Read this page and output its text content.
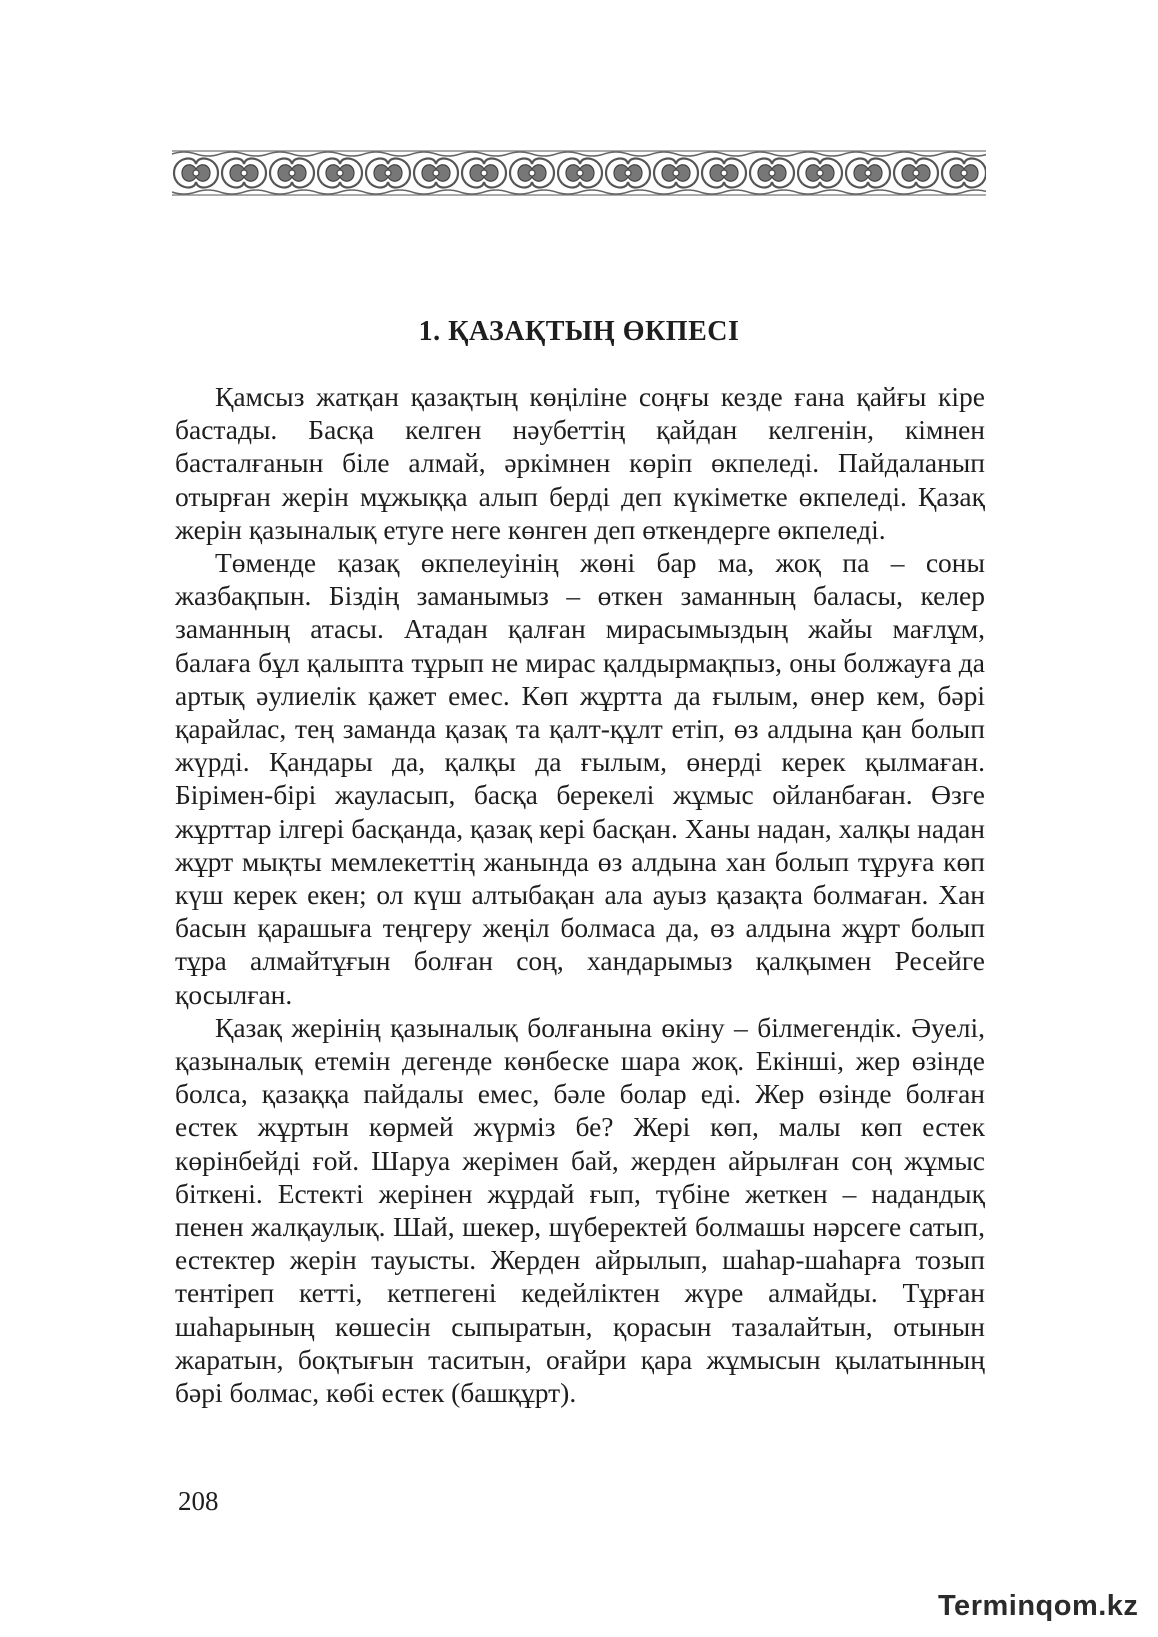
1. ҚАЗАҚТЫҢ ӨКПЕСІ

Қамсыз жатқан қазақтың көңіліне соңғы кезде ғана қайғы кіре бастады. Басқа келген нәубеттің қайдан келгенін, кімнен басталғанын біле алмай, әркімнен көріп өкпеледі. Пайдаланып отырған жерін мұжыққа алып берді деп күкіметке өкпеледі. Қазақ жерін қазыналық етуге неге көнген деп өткендерге өкпеледі.

Төменде қазақ өкпелеуінің жөні бар ма, жоқ па – соны жазбақпын. Біздің заманымыз – өткен заманның баласы, келер заманның атасы. Атадан қалған мирасымыздың жайы мағлұм, балаға бұл қалыпта тұрып не мирас қалдырмақпыз, оны болжауға да артық әулиелік қажет емес. Көп жұртта да ғылым, өнер кем, бәрі қарайлас, тең заманда қазақ та қалт-құлт етіп, өз алдына қан болып жүрді. Қандары да, қалқы да ғылым, өнерді керек қылмаған. Бірімен-бірі жауласып, басқа берекелі жұмыс ойланбаған. Өзге жұрттар ілгері басқанда, қазақ кері басқан. Ханы надан, халқы надан жұрт мықты мемлекеттің жанында өз алдына хан болып тұруға көп күш керек екен; ол күш алтыбақан ала ауыз қазақта болмаған. Хан басын қарашыға теңгеру жеңіл болмаса да, өз алдына жұрт болып тұра алмайтұғын болған соң, хандарымыз қалқымен Ресейге қосылған.

Қазақ жерінің қазыналық болғанына өкіну – білмегендік. Әуелі, қазыналық етемін дегенде көнбеске шара жоқ. Екінші, жер өзінде болса, қазаққа пайдалы емес, бәле болар еді. Жер өзінде болған естек жұртын көрмей жүрміз бе? Жері көп, малы көп естек көрінбейді ғой. Шаруа жерімен бай, жерден айрылған соң жұмыс біткені. Естекті жерінен жұрдай ғып, түбіне жеткен – надандық пенен жалқаулық. Шай, шекер, шүберектей болмашы нәрсеге сатып, естектер жерін тауысты. Жерден айрылып, шаһар-шаһарға тозып тентіреп кетті, кетпегені кедейліктен жүре алмайды. Тұрған шаһарының көшесін сыпыратын, қорасын тазалайтын, отынын жаратын, боқтығын таситын, оғайри қара жұмысын қылатынның бәрі болмас, көбі естек (башқұрт).

208
Terminqom.kz
